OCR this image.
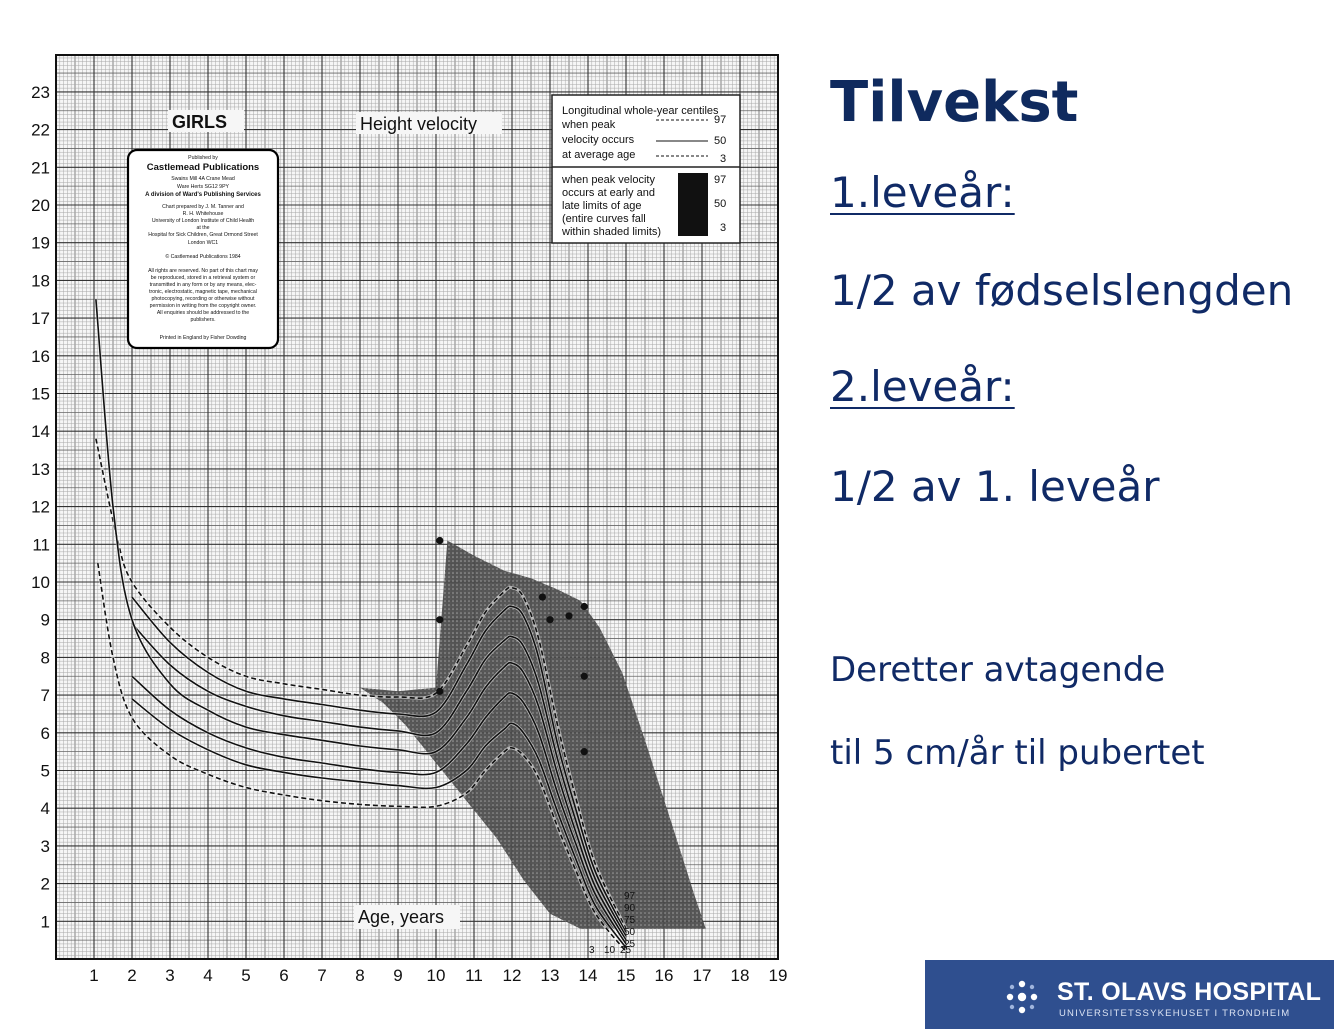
1
2
3
4
5
6
7
8
9
10
11
12
13
14
15
16
17
18
19
20
21
22
23
1 2 3 4 5 6 7 8 9 10 11 12 13 14 15 16 17 18 19
GIRLS	Height velocity
Age, years
Published by
Castlemead Publications
Swains Mill 4A Crane Mead
Ware Herts SG12 9PY
A division of Ward's Publishing Services
Chart prepared by J. M. Tanner and
R. H. Whitehouse
University of London Institute of Child Health
at the
Hospital for Sick Children, Great Ormond Street
London WC1
© Castlemead Publications 1984
All rights are reserved. No part of this chart may
be reproduced, stored in a retrieval system or
transmitted in any form or by any means, elec-
tronic, electrostatic, magnetic tape, mechanical
photocopying, recording or otherwise without
permission in writing from the copyright owner.
All enquiries should be addressed to the
publishers.
Printed in England by Fisher Dowding
Longitudinal whole-year centiles
when peak
velocity occurs
at average age
97
50
3
when peak velocity
occurs at early and
late limits of age
(entire curves fall
within shaded limits)
97
50
3
97
90
75
50
25
3 10 25
Tilvekst

1.leveår:

1/2 av fødselslengden

2.leveår:

1/2 av 1. leveår

Deretter avtagende

til 5 cm/år til pubertet

ST. OLAVS HOSPITAL
UNIVERSITETSSYKEHUSET I TRONDHEIM
